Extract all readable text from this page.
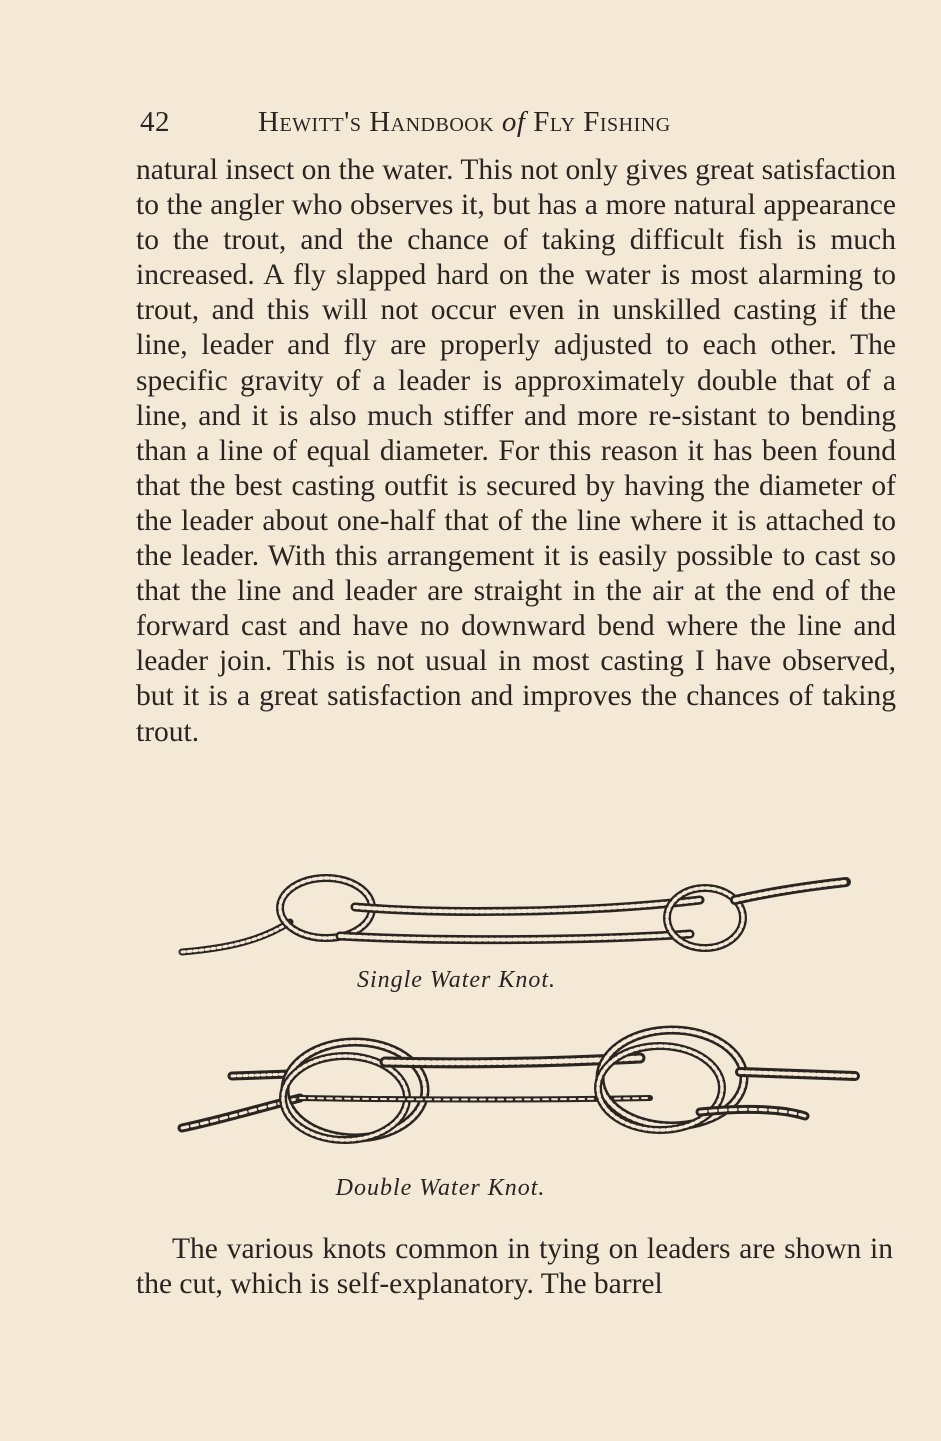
42	Hewitt's Handbook of Fly Fishing

natural insect on the water. This not only gives great satisfaction to the angler who observes it, but has a more natural appearance to the trout, and the chance of taking difficult fish is much increased. A fly slapped hard on the water is most alarming to trout, and this will not occur even in unskilled casting if the line, leader and fly are properly adjusted to each other. The specific gravity of a leader is approximately double that of a line, and it is also much stiffer and more re-sistant to bending than a line of equal diameter. For this reason it has been found that the best casting outfit is secured by having the diameter of the leader about one-half that of the line where it is attached to the leader. With this arrangement it is easily possible to cast so that the line and leader are straight in the air at the end of the forward cast and have no downward bend where the line and leader join. This is not usual in most casting I have observed, but it is a great satisfaction and improves the chances of taking trout.

Single Water Knot.
Double Water Knot.

The various knots common in tying on leaders are shown in the cut, which is self-explanatory. The barrel
